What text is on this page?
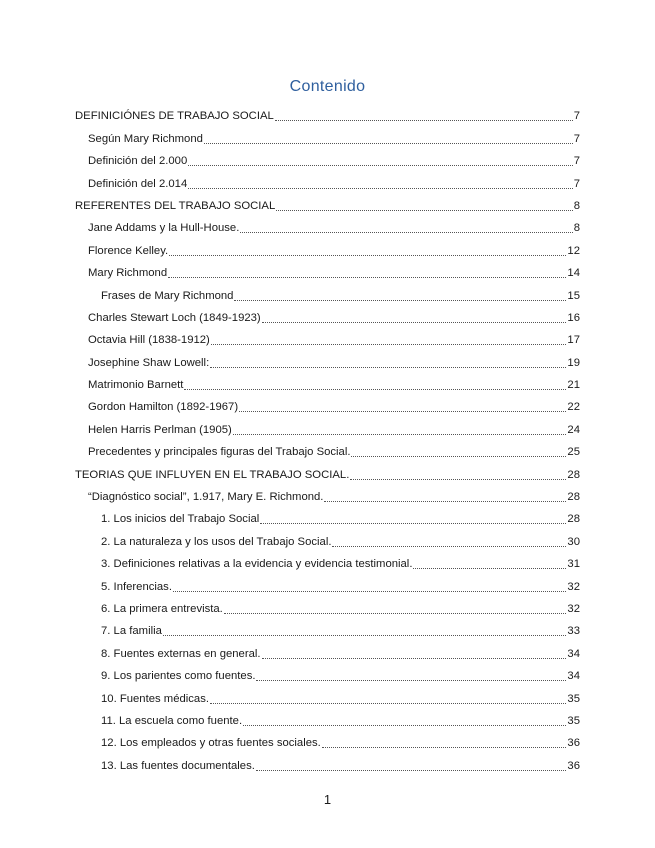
Contenido
DEFINICIÓNES DE TRABAJO SOCIAL	7
Según Mary Richmond	7
Definición del 2.000	7
Definición del 2.014	7
REFERENTES DEL TRABAJO SOCIAL	8
Jane Addams y la Hull-House.	8
Florence Kelley.	12
Mary Richmond	14
Frases de Mary Richmond	15
Charles Stewart Loch (1849-1923)	16
Octavia Hill (1838-1912)	17
Josephine Shaw Lowell:	19
Matrimonio Barnett	21
Gordon Hamilton (1892-1967)	22
Helen Harris Perlman (1905)	24
Precedentes y principales figuras del Trabajo Social.	25
TEORIAS QUE INFLUYEN EN EL TRABAJO SOCIAL.	28
“Diagnóstico social”, 1.917, Mary E. Richmond.	28
1. Los inicios del Trabajo Social	28
2. La naturaleza y los usos del Trabajo Social.	30
3. Definiciones relativas a la evidencia y evidencia testimonial.	31
5. Inferencias.	32
6. La primera entrevista.	32
7. La familia	33
8. Fuentes externas en general.	34
9. Los parientes como fuentes.	34
10. Fuentes médicas.	35
11. La escuela como fuente.	35
12. Los empleados y otras fuentes sociales.	36
13. Las fuentes documentales.	36
1
